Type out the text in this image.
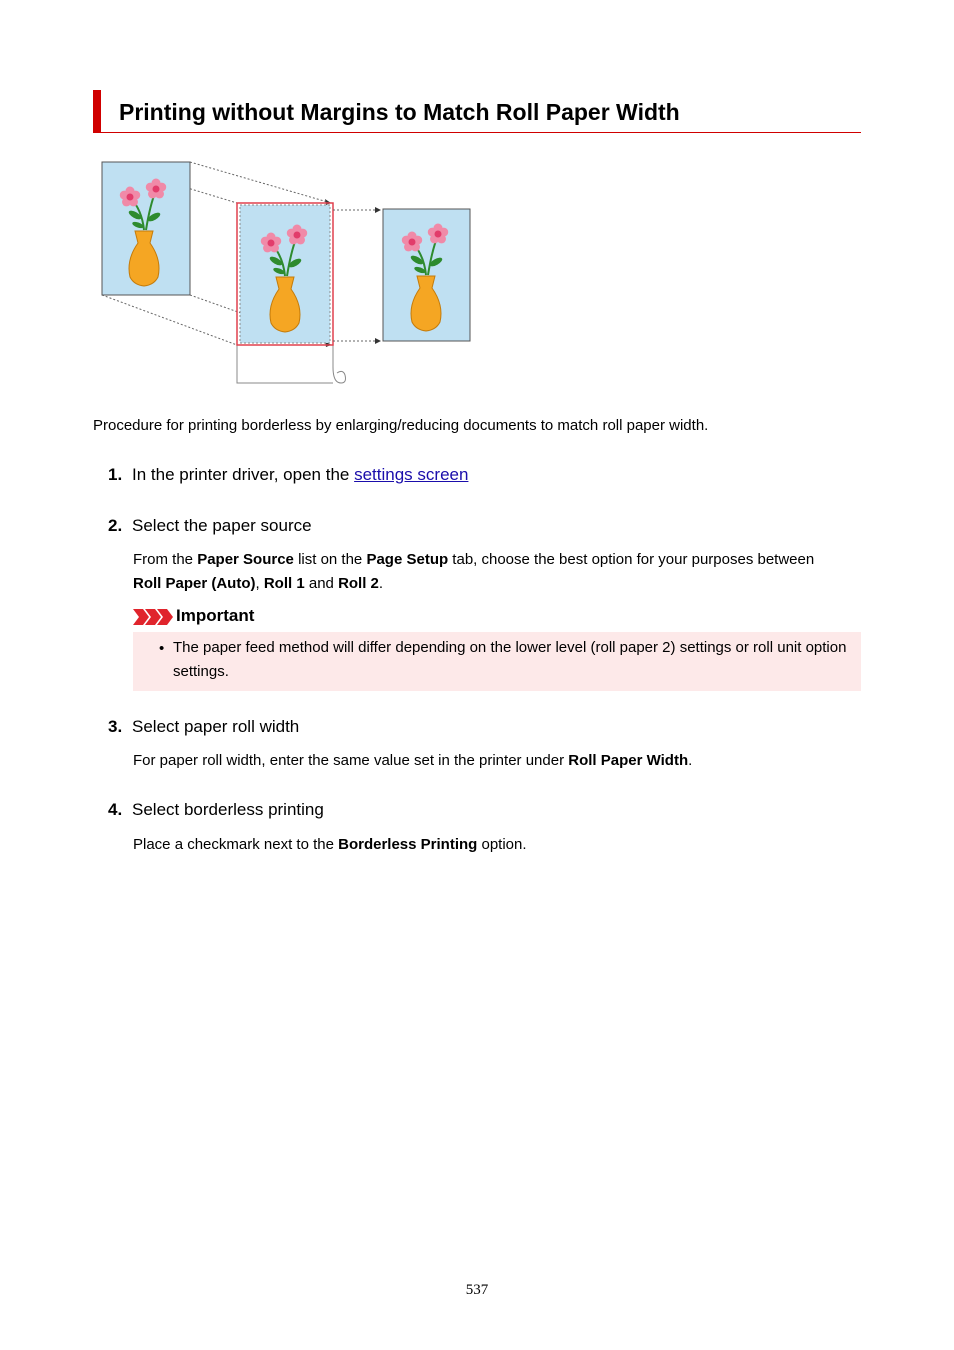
Printing without Margins to Match Roll Paper Width
Procedure for printing borderless by enlarging/reducing documents to match roll paper width.
1. In the printer driver, open the settings screen
2. Select the paper source
From the Paper Source list on the Page Setup tab, choose the best option for your purposes between
Roll Paper (Auto), Roll 1 and Roll 2.
Important
• The paper feed method will differ depending on the lower level (roll paper 2) settings or roll unit option settings.
3. Select paper roll width
For paper roll width, enter the same value set in the printer under Roll Paper Width.
4. Select borderless printing
Place a checkmark next to the Borderless Printing option.
537
